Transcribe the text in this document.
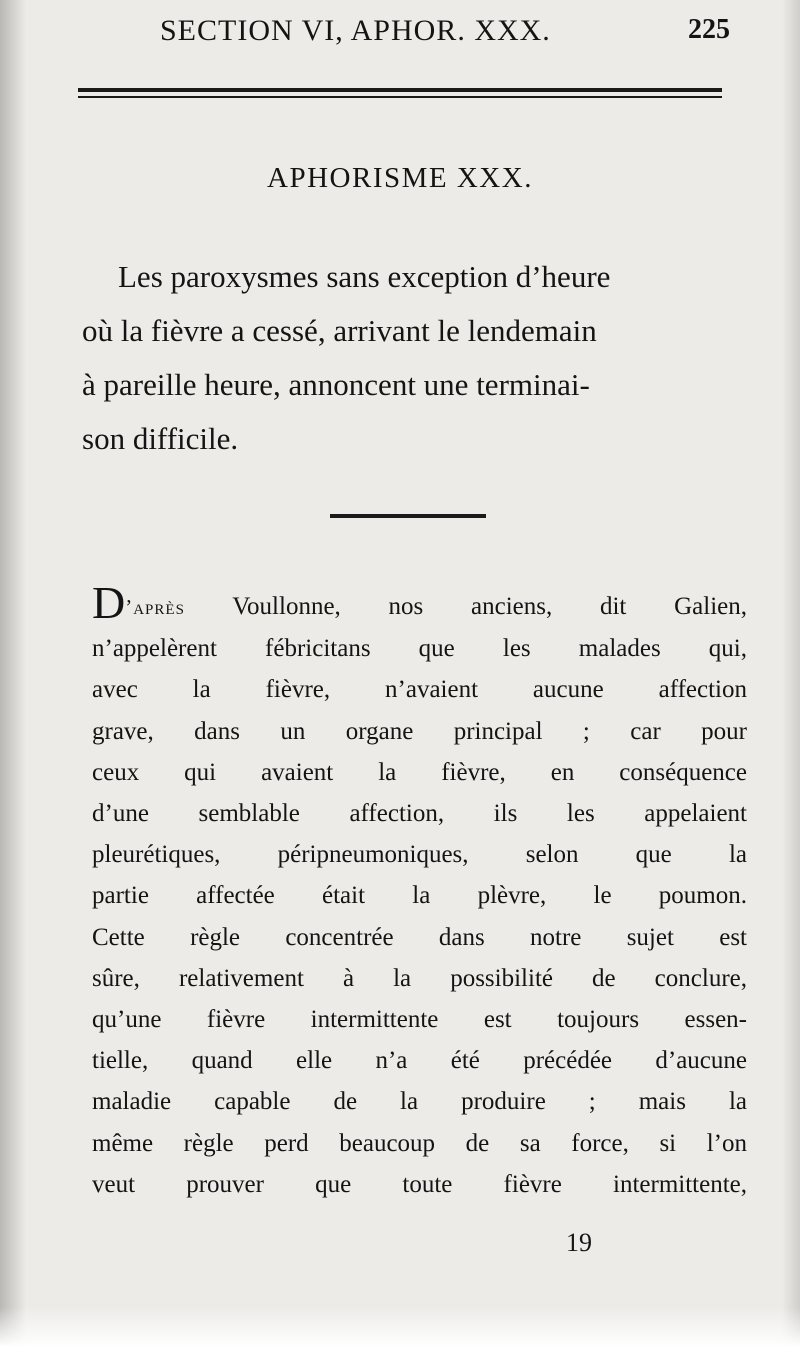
SECTION VI, APHOR. XXX.	225
APHORISME XXX.

Les paroxysmes sans exception d’heure
où la fièvre a cessé, arrivant le lendemain
à pareille heure, annoncent une terminai-
son difficile.

D’après Voullonne, nos anciens, dit Galien,
n’appelèrent fébricitans que les malades qui,
avec la fièvre, n’avaient aucune affection
grave, dans un organe principal ; car pour
ceux qui avaient la fièvre, en conséquence
d’une semblable affection, ils les appelaient
pleurétiques, péripneumoniques, selon que la
partie affectée était la plèvre, le poumon.
Cette règle concentrée dans notre sujet est
sûre, relativement à la possibilité de conclure,
qu’une fièvre intermittente est toujours essen-
tielle, quand elle n’a été précédée d’aucune
maladie capable de la produire ; mais la
même règle perd beaucoup de sa force, si l’on
veut prouver que toute fièvre intermittente,
19
